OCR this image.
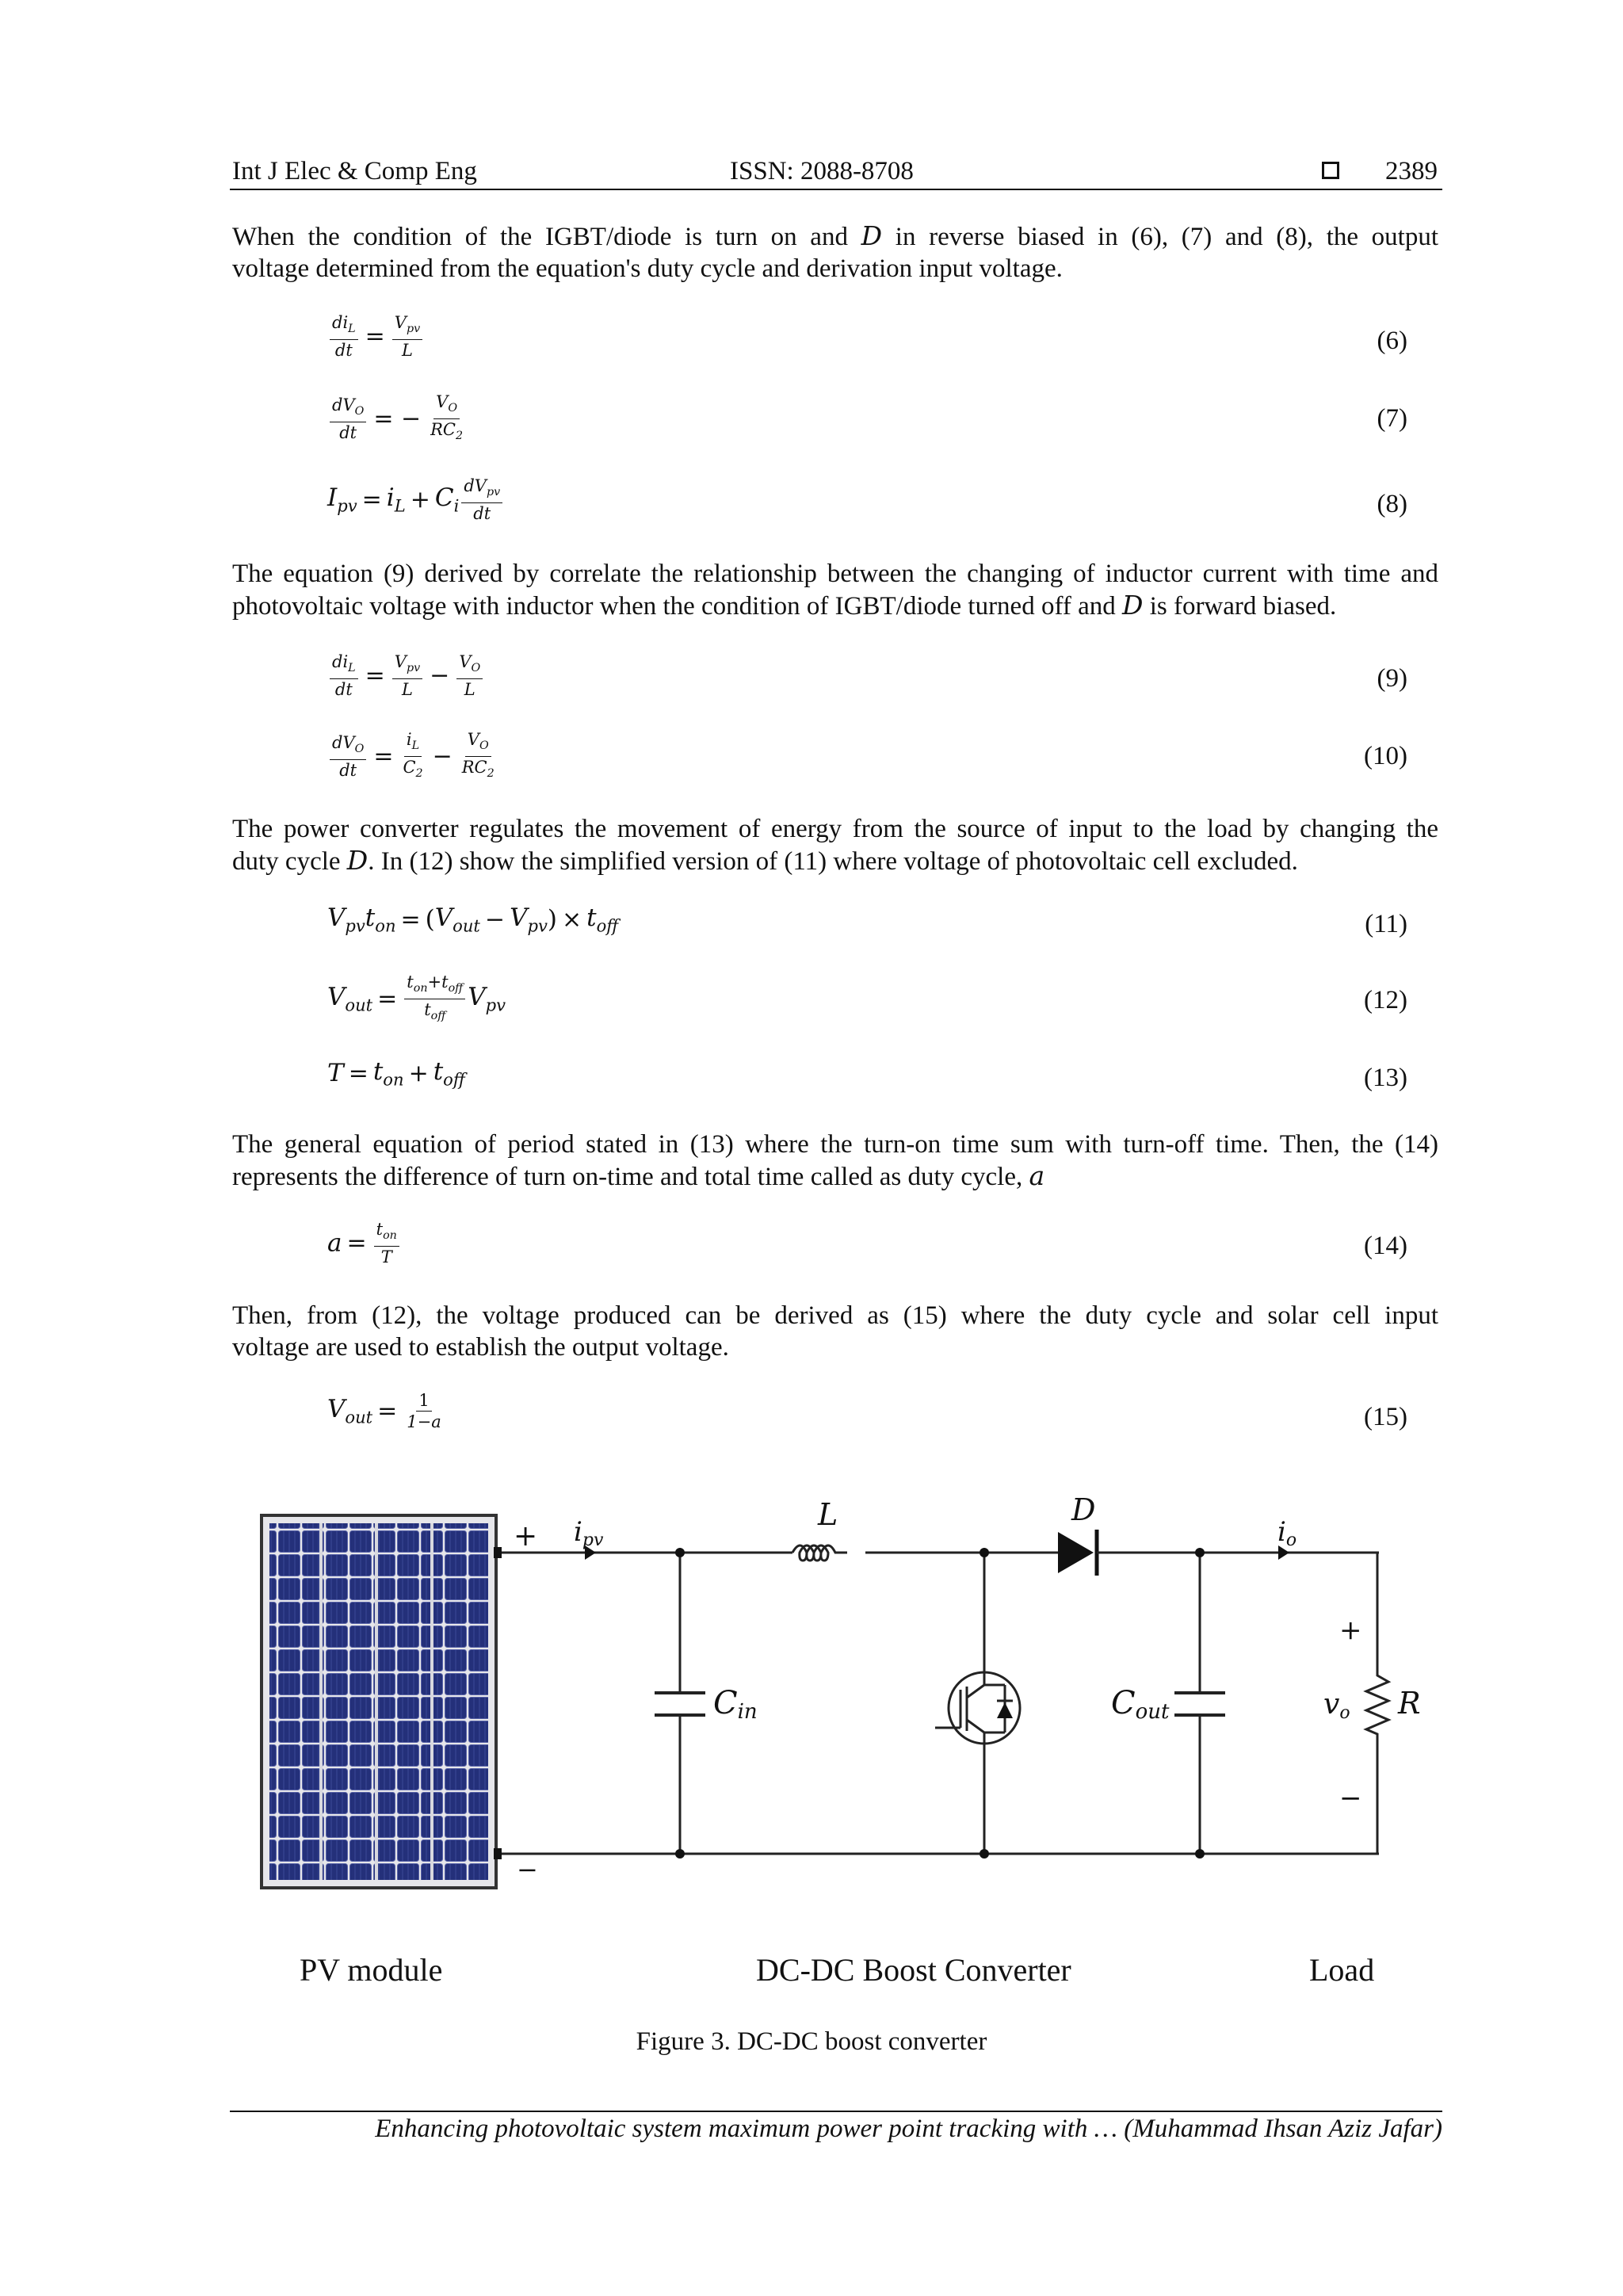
Int J Elec & Comp Eng	ISSN: 2088-8708	2389
When the condition of the IGBT/diode is turn on and D in reverse biased in (6), (7) and (8), the output
voltage determined from the equation's duty cycle and derivation input voltage.
$\frac{di_L}{dt} = \frac{V_{pv}}{L}$	(6)
$\frac{dV_O}{dt}$ = − $\frac{V_O}{RC_2}$	(7)
$I_{pv} = i_L + C_i \frac{dV_{pv}}{dt}$	(8)
The equation (9) derived by correlate the relationship between the changing of inductor current with time and
photovoltaic voltage with inductor when the condition of IGBT/diode turned off and D is forward biased.
$\frac{di_L}{dt} = \frac{V_{pv}}{L} - \frac{V_O}{L}$	(9)
$\frac{dV_O}{dt} = \frac{i_L}{C_2} - \frac{V_O}{RC_2}$	(10)
The power converter regulates the movement of energy from the source of input to the load by changing the
duty cycle D. In (12) show the simplified version of (11) where voltage of photovoltaic cell excluded.
$V_{pv}t_{on} = (V_{out} - V_{pv}) \times t_{off}$	(11)
$V_{out} = \frac{t_{on}+t_{off}}{t_{off}} V_{pv}$	(12)
$T = t_{on} + t_{off}$	(13)
The general equation of period stated in (13) where the turn-on time sum with turn-off time. Then, the (14)
represents the difference of turn on-time and total time called as duty cycle, a
$a = \frac{t_{on}}{T}$	(14)
Then, from (12), the voltage produced can be derived as (15) where the duty cycle and solar cell input
voltage are used to establish the output voltage.
$V_{out} = \frac{1}{1-a}$	(15)
+
−
ipv
L	D
io
Cin	Cout	vo R
+
−
PV module	DC-DC Boost Converter	Load
Figure 3. DC-DC boost converter
Enhancing photovoltaic system maximum power point tracking with … (Muhammad Ihsan Aziz Jafar)
